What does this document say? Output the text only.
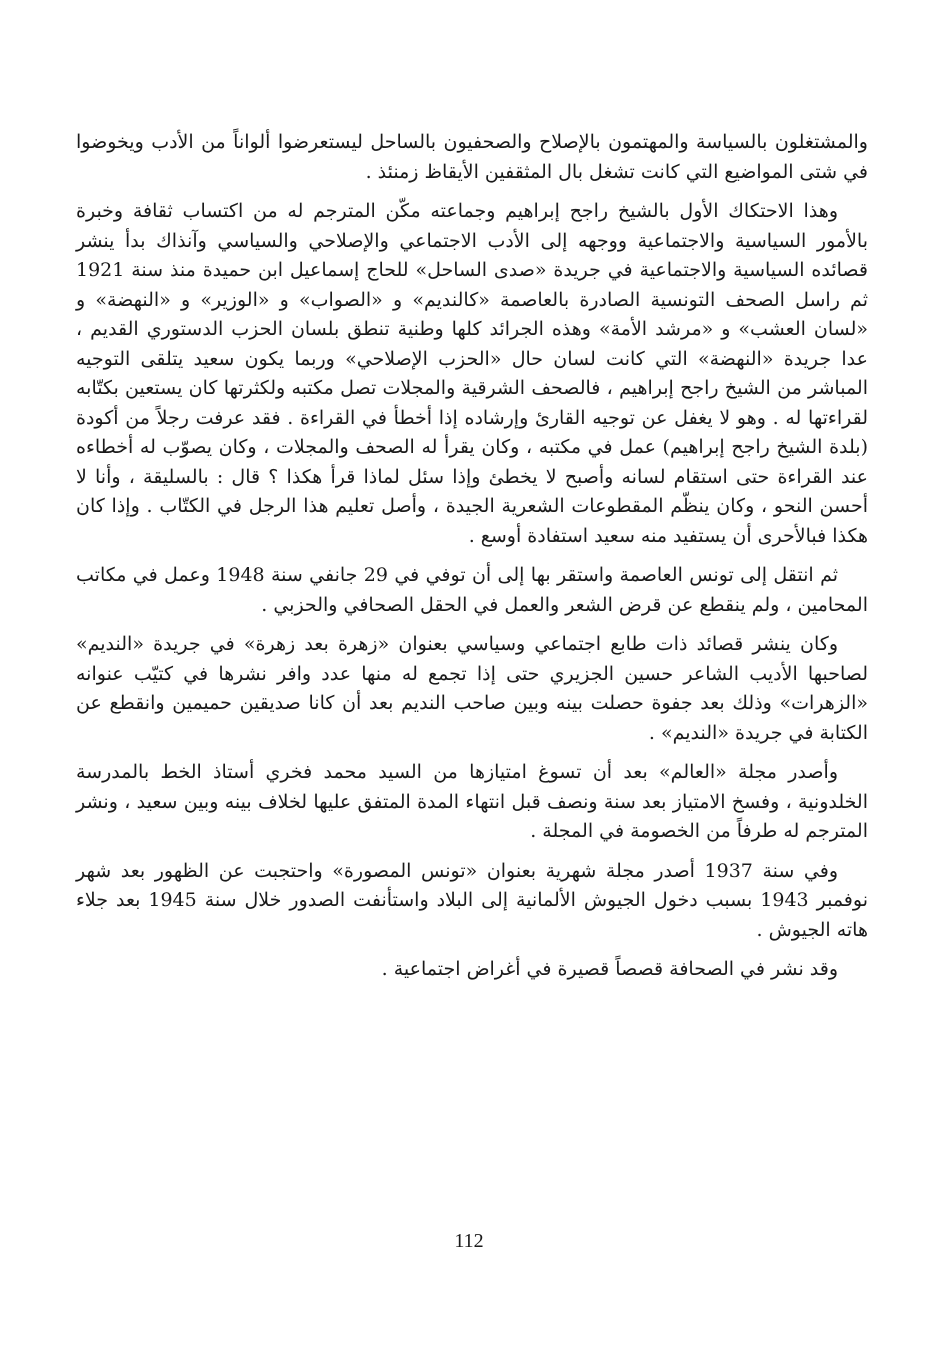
والمشتغلون بالسياسة والمهتمون بالإصلاح والصحفيون بالساحل ليستعرضوا ألواناً من الأدب ويخوضوا في شتى المواضيع التي كانت تشغل بال المثقفين الأيقاظ زمنئذ .

وهذا الاحتكاك الأول بالشيخ راجح إبراهيم وجماعته مكّن المترجم له من اكتساب ثقافة وخبرة بالأمور السياسية والاجتماعية ووجهه إلى الأدب الاجتماعي والإصلاحي والسياسي وآنذاك بدأ ينشر قصائده السياسية والاجتماعية في جريدة «صدى الساحل» للحاج إسماعيل ابن حميدة منذ سنة 1921 ثم راسل الصحف التونسية الصادرة بالعاصمة «كالنديم» و «الصواب» و «الوزير» و «النهضة» و «لسان العشب» و «مرشد الأمة» وهذه الجرائد كلها وطنية تنطق بلسان الحزب الدستوري القديم ، عدا جريدة «النهضة» التي كانت لسان حال «الحزب الإصلاحي» وربما يكون سعيد يتلقى التوجيه المباشر من الشيخ راجح إبراهيم ، فالصحف الشرقية والمجلات تصل مكتبه ولكثرتها كان يستعين بكتّابه لقراءتها له . وهو لا يغفل عن توجيه القارئ وإرشاده إذا أخطأ في القراءة . فقد عرفت رجلاً من أكودة (بلدة الشيخ راجح إبراهيم) عمل في مكتبه ، وكان يقرأ له الصحف والمجلات ، وكان يصوّب له أخطاءه عند القراءة حتى استقام لسانه وأصبح لا يخطئ وإذا سئل لماذا قرأ هكذا ؟ قال : بالسليقة ، وأنا لا أحسن النحو ، وكان ينظّم المقطوعات الشعرية الجيدة ، وأصل تعليم هذا الرجل في الكتّاب . وإذا كان هكذا فبالأحرى أن يستفيد منه سعيد استفادة أوسع .

ثم انتقل إلى تونس العاصمة واستقر بها إلى أن توفي في 29 جانفي سنة 1948 وعمل في مكاتب المحامين ، ولم ينقطع عن قرض الشعر والعمل في الحقل الصحافي والحزبي .

وكان ينشر قصائد ذات طابع اجتماعي وسياسي بعنوان «زهرة بعد زهرة» في جريدة «النديم» لصاحبها الأديب الشاعر حسين الجزيري حتى إذا تجمع له منها عدد وافر نشرها في كتيّب عنوانه «الزهرات» وذلك بعد جفوة حصلت بينه وبين صاحب النديم بعد أن كانا صديقين حميمين وانقطع عن الكتابة في جريدة «النديم» .

وأصدر مجلة «العالم» بعد أن تسوغ امتيازها من السيد محمد فخري أستاذ الخط بالمدرسة الخلدونية ، وفسخ الامتياز بعد سنة ونصف قبل انتهاء المدة المتفق عليها لخلاف بينه وبين سعيد ، ونشر المترجم له طرفاً من الخصومة في المجلة .

وفي سنة 1937 أصدر مجلة شهرية بعنوان «تونس المصورة» واحتجبت عن الظهور بعد شهر نوفمبر 1943 بسبب دخول الجيوش الألمانية إلى البلاد واستأنفت الصدور خلال سنة 1945 بعد جلاء هاته الجيوش .

وقد نشر في الصحافة قصصاً قصيرة في أغراض اجتماعية .

112
